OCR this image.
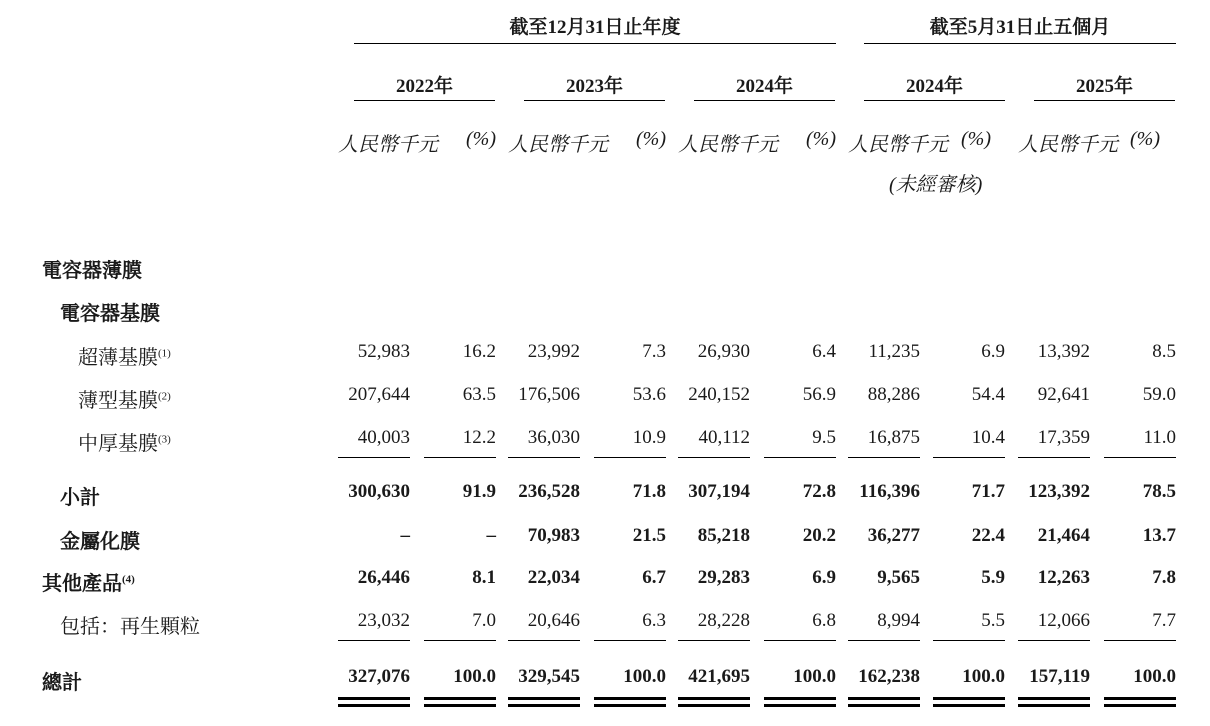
截至12月31日止年度	截至5月31日止五個月
2022年	2023年	2024年	2024年	2025年
人民幣千元	(%) 人民幣千元	(%) 人民幣千元	(%) 人民幣千元 (%) 人民幣千元 (%)
(未經審核)
電容器薄膜
電容器基膜
超薄基膜$^{(1)}$	52,983	16.2	23,992	7.3	26,930	6.4	11,235	6.9	13,392	8.5
薄型基膜$^{(2)}$	207,644	63.5	176,506	53.6	240,152	56.9	88,286	54.4	92,641	59.0
中厚基膜$^{(3)}$	40,003	12.2	36,030	10.9	40,112	9.5	16,875	10.4	17,359	11.0
小計	300,630	91.9	236,528	71.8	307,194	72.8	116,396	71.7	123,392	78.5
金屬化膜	–	–	70,983	21.5	85,218	20.2	36,277	22.4	21,464	13.7
其他產品$^{(4)}$	26,446	8.1	22,034	6.7	29,283	6.9	9,565	5.9	12,263	7.8
包括：再生顆粒	23,032	7.0	20,646	6.3	28,228	6.8	8,994	5.5	12,066	7.7
總計	327,076	100.0	329,545	100.0	421,695	100.0	162,238	100.0	157,119	100.0
